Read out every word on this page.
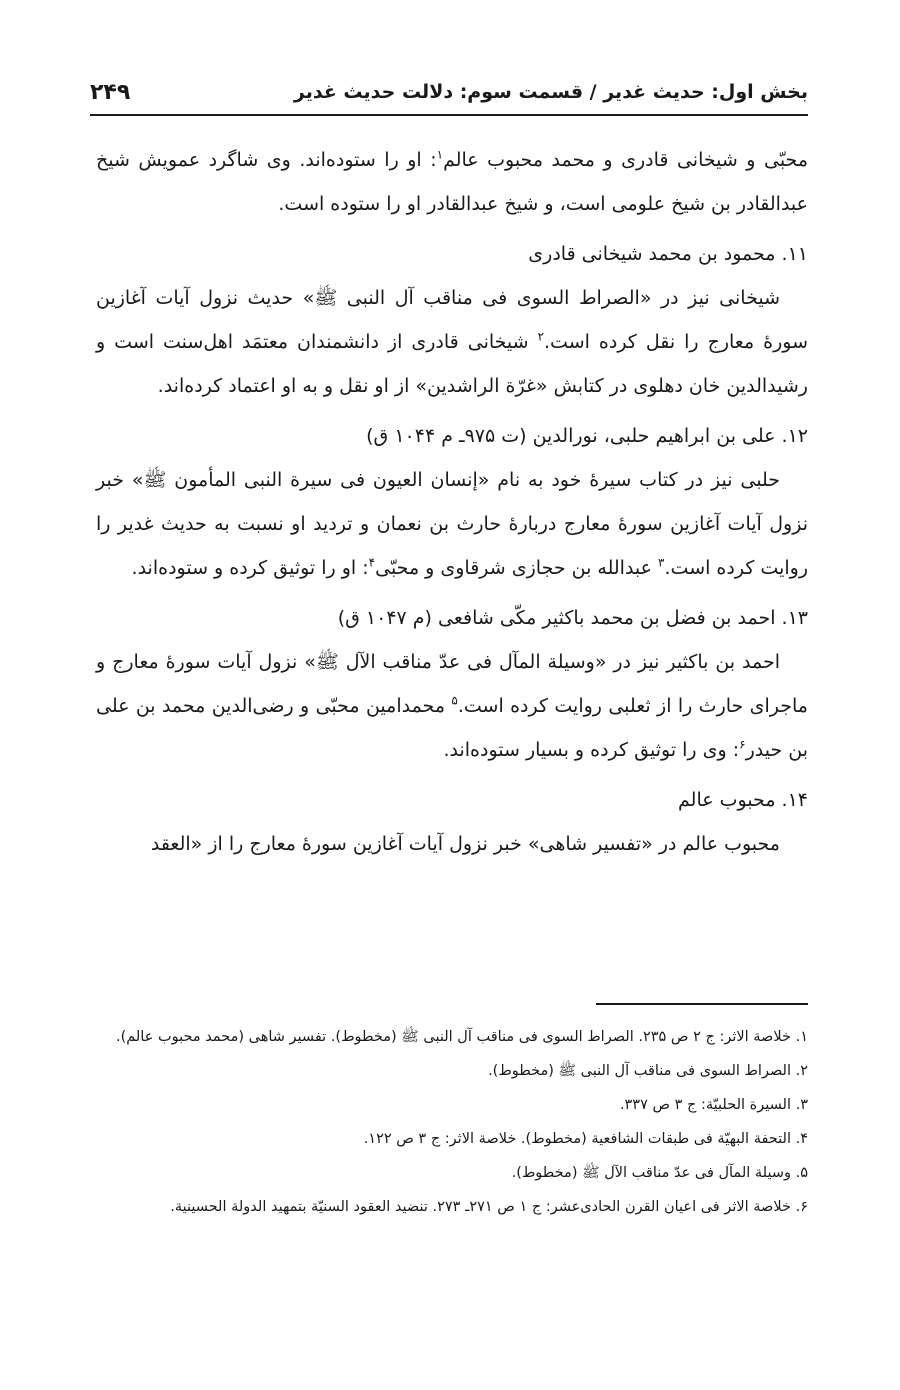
بخش اول: حدیث غدیر / قسمت سوم: دلالت حدیث غدیر
۲۴۹

محبّی و شیخانی قادری و محمد محبوب عالم$^۱$: او را ستوده‌اند. وی شاگرد عمویش شیخ عبدالقادر بن شیخ علومی است، و شیخ عبدالقادر او را ستوده است.

۱۱. محمود بن محمد شیخانی قادری

شیخانی نیز در «الصراط السوی فی مناقب آل النبی ﷺ» حدیث نزول آیات آغازین سورهٔ معارج را نقل کرده است.$^۲$ شیخانی قادری از دانشمندان معتمَد اهل‌سنت است و رشیدالدین خان دهلوی در کتابش «غرّة الراشدین» از او نقل و به او اعتماد کرده‌اند.

۱۲. علی بن ابراهیم حلبی، نورالدین (ت ۹۷۵ـ م ۱۰۴۴ ق)

حلبی نیز در کتاب سیرهٔ خود به نام «إنسان العیون فی سیرة النبی المأمون ﷺ» خبر نزول آیات آغازین سورهٔ معارج دربارهٔ حارث بن نعمان و تردید او نسبت به حدیث غدیر را روایت کرده است.$^۳$ عبدالله بن حجازی شرقاوی و محبّی$^۴$: او را توثیق کرده و ستوده‌اند.

۱۳. احمد بن فضل بن محمد باکثیر مکّی شافعی (م ۱۰۴۷ ق)

احمد بن باکثیر نیز در «وسیلة المآل فی عدّ مناقب الآل ﷺ» نزول آیات سورهٔ معارج و ماجرای حارث را از ثعلبی روایت کرده است.$^۵$ محمدامین محبّی و رضی‌الدین محمد بن علی بن حیدر$^۶$: وی را توثیق کرده و بسیار ستوده‌اند.

۱۴. محبوب عالم

محبوب عالم در «تفسیر شاهی» خبر نزول آیات آغازین سورهٔ معارج را از «العقد

۱. خلاصة الاثر: ج ۲ ص ۲۳۵. الصراط السوی فی مناقب آل النبی ﷺ (مخطوط). تفسیر شاهی (محمد محبوب عالم).

۲. الصراط السوی فی مناقب آل النبی ﷺ (مخطوط).

۳. السیرة الحلبیّة: ج ۳ ص ۳۳۷.

۴. التحفة البهیّة فی طبقات الشافعیة (مخطوط). خلاصة الاثر: ج ۳ ص ۱۲۲.

۵. وسیلة المآل فی عدّ مناقب الآل ﷺ (مخطوط).

۶. خلاصة الاثر فی اعیان القرن الحادی‌عشر: ج ۱ ص ۲۷۱ـ ۲۷۳. تنضید العقود السنیّة بتمهید الدولة الحسینیة.
